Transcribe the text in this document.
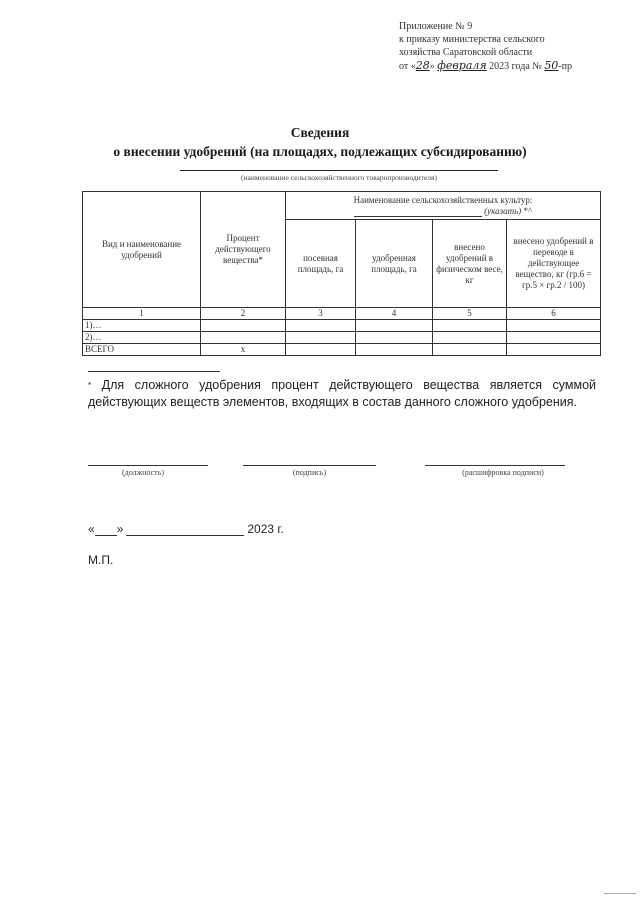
Приложение № 9
к приказу министерства сельского
хозяйства Саратовской области
от «28» февраля 2023 года № 50-пр
Сведения
о внесении удобрений (на площадях, подлежащих субсидированию)
(наименование сельскохозяйственного товаропроизводителя)
Вид и наименование удобрений	Процент действующего вещества*	Наименование сельскохозяйственных культур:
(указать) *^			

		посевная площадь, га	удобренная площадь, га	внесено удобрений в физическом весе, кг	внесено удобрений в переводе в действующее вещество, кг (гр.6 = гр.5 × гр.2 / 100)
1	2	3	4	5	6
1)…					
2)…					
ВСЕГО	x				
* Для сложного удобрения процент действующего вещества является суммой действующих веществ элементов, входящих в состав данного сложного удобрения.
(должность)	(подпись)	(расшифровка подписи)
« »	2023 г.
М.П.
